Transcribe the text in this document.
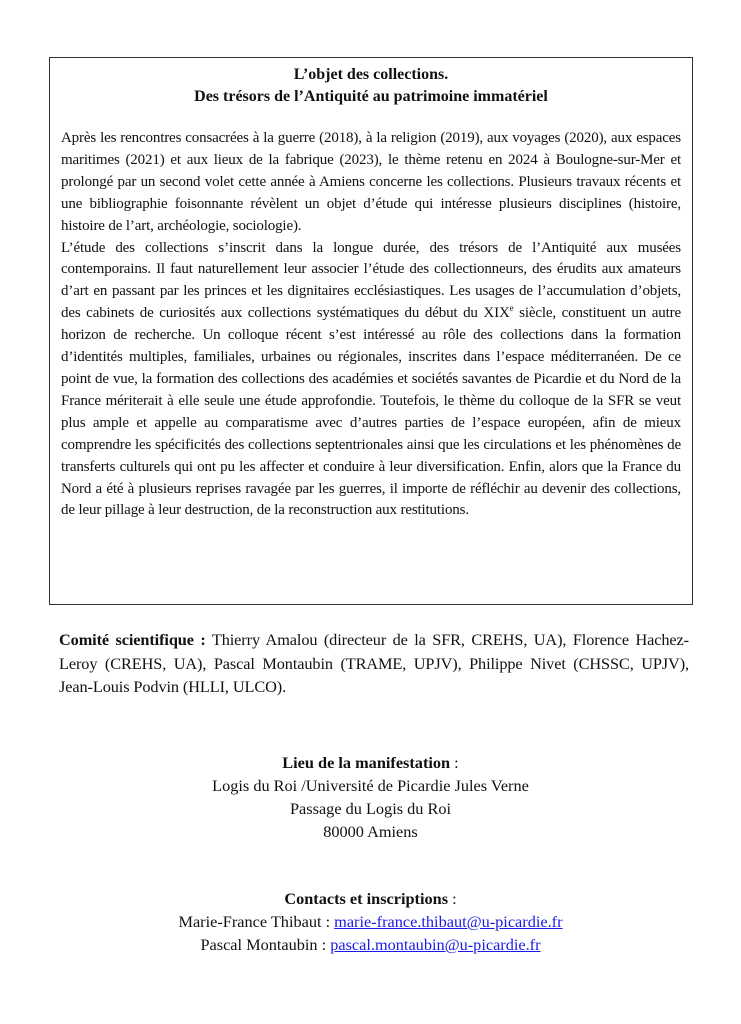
L’objet des collections.
Des trésors de l’Antiquité au patrimoine immatériel

Après les rencontres consacrées à la guerre (2018), à la religion (2019), aux voyages (2020), aux espaces maritimes (2021) et aux lieux de la fabrique (2023), le thème retenu en 2024 à Boulogne-sur-Mer et prolongé par un second volet cette année à Amiens concerne les collections. Plusieurs travaux récents et une bibliographie foisonnante révèlent un objet d’étude qui intéresse plusieurs disciplines (histoire, histoire de l’art, archéologie, sociologie).

L’étude des collections s’inscrit dans la longue durée, des trésors de l’Antiquité aux musées contemporains. Il faut naturellement leur associer l’étude des collectionneurs, des érudits aux amateurs d’art en passant par les princes et les dignitaires ecclésiastiques. Les usages de l’accumulation d’objets, des cabinets de curiosités aux collections systématiques du début du XIXe siècle, constituent un autre horizon de recherche. Un colloque récent s’est intéressé au rôle des collections dans la formation d’identités multiples, familiales, urbaines ou régionales, inscrites dans l’espace méditerranéen. De ce point de vue, la formation des collections des académies et sociétés savantes de Picardie et du Nord de la France mériterait à elle seule une étude approfondie. Toutefois, le thème du colloque de la SFR se veut plus ample et appelle au comparatisme avec d’autres parties de l’espace européen, afin de mieux comprendre les spécificités des collections septentrionales ainsi que les circulations et les phénomènes de transferts culturels qui ont pu les affecter et conduire à leur diversification. Enfin, alors que la France du Nord a été à plusieurs reprises ravagée par les guerres, il importe de réfléchir au devenir des collections, de leur pillage à leur destruction, de la reconstruction aux restitutions.

Comité scientifique : Thierry Amalou (directeur de la SFR, CREHS, UA), Florence Hachez-Leroy (CREHS, UA), Pascal Montaubin (TRAME, UPJV), Philippe Nivet (CHSSC, UPJV), Jean-Louis Podvin (HLLI, ULCO).
Lieu de la manifestation :
Logis du Roi /Université de Picardie Jules Verne
Passage du Logis du Roi
80000 Amiens
Contacts et inscriptions :
Marie-France Thibaut : marie-france.thibaut@u-picardie.fr
Pascal Montaubin : pascal.montaubin@u-picardie.fr
